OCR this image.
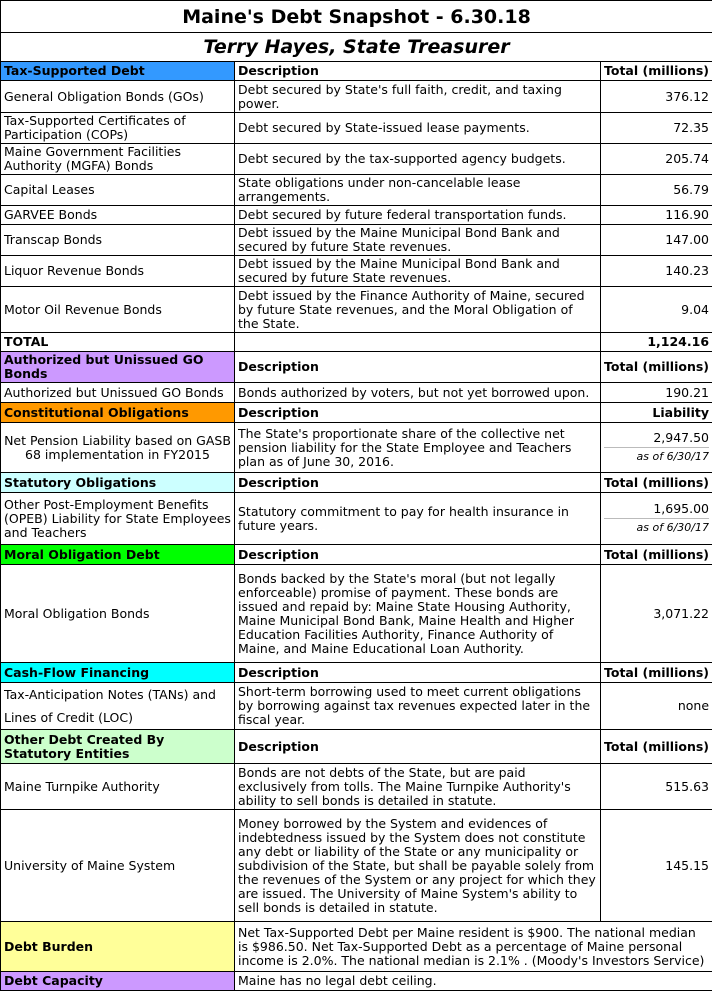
Maine's Debt Snapshot - 6.30.18		
Terry Hayes, State Treasurer		
Tax-Supported Debt	Description	Total (millions)
General Obligation Bonds (GOs)	Debt secured by State's full faith, credit, and taxing power.	376.12
Tax-Supported Certificates of Participation (COPs)	Debt secured by State-issued lease payments.	72.35
Maine Government Facilities Authority (MGFA) Bonds	Debt secured by the tax-supported agency budgets.	205.74
Capital Leases	State obligations under non-cancelable lease arrangements.	56.79
GARVEE Bonds	Debt secured by future federal transportation funds.	116.90
Transcap Bonds	Debt issued by the Maine Municipal Bond Bank and secured by future State revenues.	147.00
Liquor Revenue Bonds	Debt issued by the Maine Municipal Bond Bank and secured by future State revenues.	140.23
Motor Oil Revenue Bonds	Debt issued by the Finance Authority of Maine, secured by future State revenues, and the Moral Obligation of the State.	9.04
TOTAL		1,124.16
Authorized but Unissued GO Bonds	Description	Total (millions)
Authorized but Unissued GO Bonds	Bonds authorized by voters, but not yet borrowed upon.	190.21
Constitutional Obligations	Description	Liability
Net Pension Liability based on GASB 68 implementation in FY2015	The State's proportionate share of the collective net pension liability for the State Employee and Teachers plan as of June 30, 2016.	2,947.50
as of 6/30/17

Statutory Obligations	Description	Total (millions)
Other Post-Employment Benefits (OPEB) Liability for State Employees and Teachers	Statutory commitment to pay for health insurance in future years.	1,695.00
as of 6/30/17

Moral Obligation Debt	Description	Total (millions)
Moral Obligation Bonds	Bonds backed by the State's moral (but not legally enforceable) promise of payment. These bonds are issued and repaid by: Maine State Housing Authority, Maine Municipal Bond Bank, Maine Health and Higher Education Facilities Authority, Finance Authority of Maine, and Maine Educational Loan Authority.	3,071.22
Cash-Flow Financing	Description	Total (millions)

Tax-Anticipation Notes (TANs) and
Lines of Credit (LOC)	Short-term borrowing used to meet current obligations by borrowing against tax revenues expected later in the fiscal year.	none
Other Debt Created By Statutory Entities	Description	Total (millions)
Maine Turnpike Authority	Bonds are not debts of the State, but are paid exclusively from tolls. The Maine Turnpike Authority's ability to sell bonds is detailed in statute.	515.63
University of Maine System	Money borrowed by the System and evidences of indebtedness issued by the System does not constitute any debt or liability of the State or any municipality or subdivision of the State, but shall be payable solely from the revenues of the System or any project for which they are issued. The University of Maine System's ability to sell bonds is detailed in statute.	145.15
Debt Burden	Net Tax-Supported Debt per Maine resident is $900. The national median is $986.50. Net Tax-Supported Debt as a percentage of Maine personal income is 2.0%. The national median is 2.1% . (Moody's Investors Service)	
Debt Capacity	Maine has no legal debt ceiling.	
